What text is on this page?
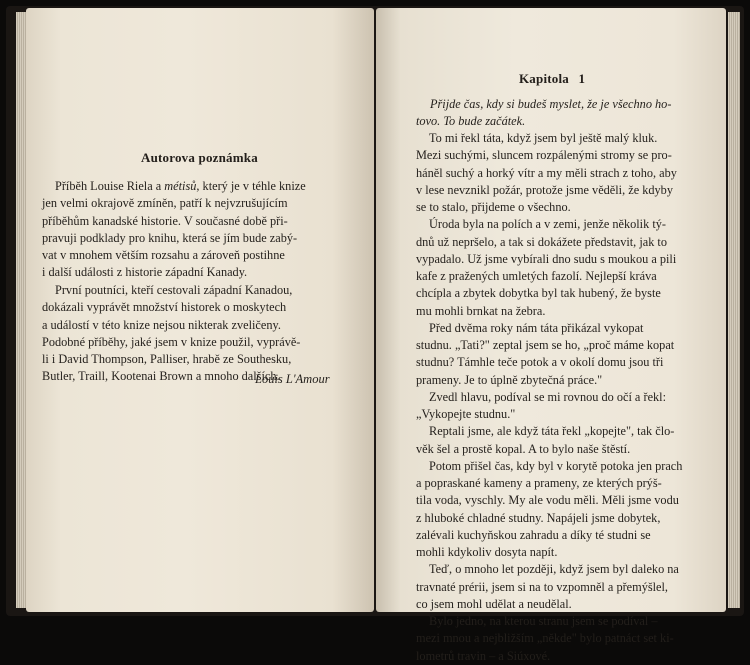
Autorova poznámka
Příběh Louise Riela a métisů, který je v téhle knize
jen velmi okrajově zmíněn, patří k nejvzrušujícím
příběhům kanadské historie. V současné době při-
pravuji podklady pro knihu, která se jím bude zabý-
vat v mnohem větším rozsahu a zároveň postihne
i další události z historie západní Kanady.
První poutníci, kteří cestovali západní Kanadou,
dokázali vyprávět množství historek o moskytech
a událostí v této knize nejsou nikterak zveličeny.
Podobné příběhy, jaké jsem v knize použil, vyprávě-
li i David Thompson, Palliser, hrabě ze Southesku,
Butler, Traill, Kootenai Brown a mnoho dalších.
Louis L'Amour
Kapitola 1
Přijde čas, kdy si budeš myslet, že je všechno ho-
tovo. To bude začátek.
To mi řekl táta, když jsem byl ještě malý kluk.
Mezi suchými, sluncem rozpálenými stromy se pro-
háněl suchý a horký vítr a my měli strach z toho, aby
v lese nevznikl požár, protože jsme věděli, že kdyby
se to stalo, přijdeme o všechno.
Úroda byla na polích a v zemi, jenže několik tý-
dnů už nepršelo, a tak si dokážete představit, jak to
vypadalo. Už jsme vybírali dno sudu s moukou a pili
kafe z pražených umletých fazolí. Nejlepší kráva
chcípla a zbytek dobytka byl tak hubený, že byste
mu mohli brnkat na žebra.
Před dvěma roky nám táta přikázal vykopat
studnu. „Tati?" zeptal jsem se ho, „proč máme kopat
studnu? Támhle teče potok a v okolí domu jsou tři
prameny. Je to úplně zbytečná práce."
Zvedl hlavu, podíval se mi rovnou do očí a řekl:
„Vykopejte studnu."
Reptali jsme, ale když táta řekl „kopejte", tak člo-
věk šel a prostě kopal. A to bylo naše štěstí.
Potom přišel čas, kdy byl v korytě potoka jen prach
a popraskané kameny a prameny, ze kterých prýš-
tila voda, vyschly. My ale vodu měli. Měli jsme vodu
z hluboké chladné studny. Napájeli jsme dobytek,
zalévali kuchyňskou zahradu a díky té studni se
mohli kdykoliv dosyta napít.
Teď, o mnoho let později, když jsem byl daleko na
travnaté prérii, jsem si na to vzpomněl a přemýšlel,
co jsem mohl udělat a neudělal.
Bylo jedno, na kterou stranu jsem se podíval –
mezi mnou a nejbližším „někde" bylo patnáct set ki-
lometrů travin – a Siúxové.
